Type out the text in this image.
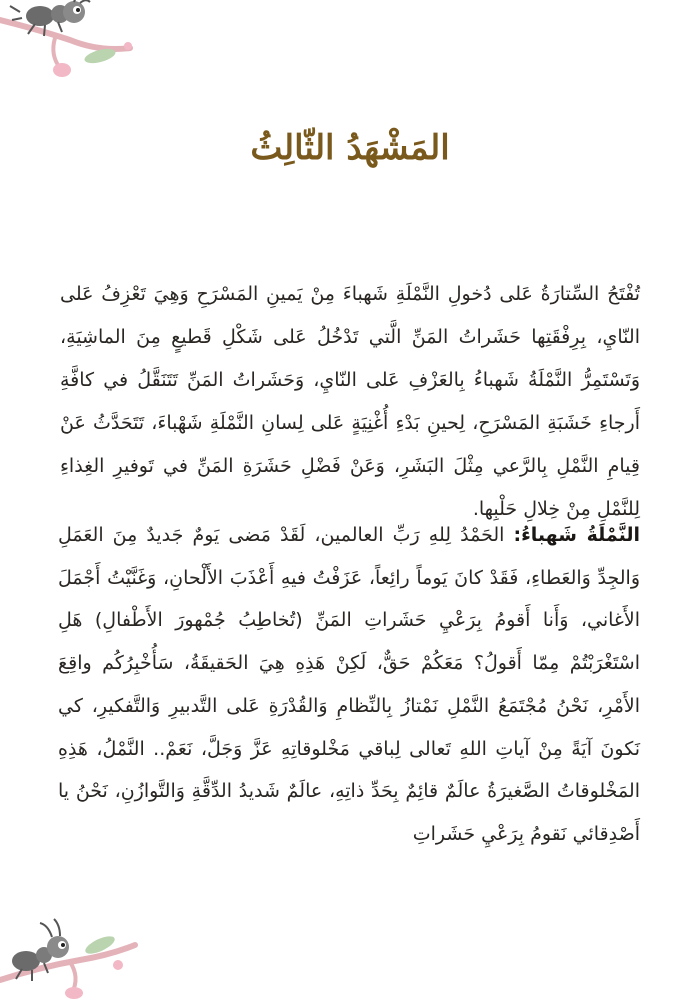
المَشْهَدُ الثّالِثُ

تُفْتَحُ السِّتارَةُ عَلى دُخولِ النَّمْلَةِ شَهباءَ مِنْ يَمينِ المَسْرَحِ وَهِيَ تَعْزِفُ عَلى النّايِ، بِرِفْقَتِها حَشَراتُ المَنِّ الَّتي تَدْخُلُ عَلى شَكْلِ قَطيعٍ مِنَ الماشِيَةِ، وَتَسْتَمِرُّ النَّمْلَةُ شَهباءُ بِالعَزْفِ عَلى النّايِ، وَحَشَراتُ المَنِّ تَتَنَقَّلُ في كافَّةِ أَرجاءِ خَشَبَةِ المَسْرَحِ، لِحينِ بَدْءِ أُغْنِيَةٍ عَلى لِسانِ النَّمْلَةِ شَهْباءَ، تَتَحَدَّثُ عَنْ قِيامِ النَّمْلِ بِالرَّعي مِثْلَ البَشَرِ، وَعَنْ فَضْلِ حَشَرَةِ المَنِّ في تَوفيرِ الغِذاءِ لِلنَّمْلِ مِنْ خِلالِ حَلْبِها.

النَّمْلَةُ شَهباءُ: الحَمْدُ لِلهِ رَبِّ العالمين، لَقَدْ مَضى يَومٌ جَديدٌ مِنَ العَمَلِ وَالجِدِّ وَالعَطاءِ، فَقَدْ كانَ يَوماً رائِعاً، عَزَفْتُ فيهِ أَعْذَبَ الأَلْحانِ، وَغَنَّيْتُ أَجْمَلَ الأَغاني، وَأَنا أَقومُ بِرَعْيِ حَشَراتِ المَنِّ (تُخاطِبُ جُمْهورَ الأَطْفالِ) هَلِ اسْتَغْرَبْتُمْ مِمّا أَقولُ؟ مَعَكُمْ حَقٌّ، لَكِنْ هَذِهِ هِيَ الحَقيقَةُ، سَأُخْبِرُكُم واقِعَ الأَمْرِ، نَحْنُ مُجْتَمَعُ النَّمْلِ نَمْتازُ بِالنِّظامِ وَالقُدْرَةِ عَلى التَّدبيرِ وَالتَّفكيرِ، كي نَكونَ آيَةً مِنْ آياتِ اللهِ تَعالى لِباقي مَخْلوقاتِهِ عَزَّ وَجَلَّ، نَعَمْ.. النَّمْلُ، هَذِهِ المَخْلوقاتُ الصَّغيرَةُ عالَمٌ قائِمٌ بِحَدِّ ذاتِهِ، عالَمٌ شَديدُ الدِّقَّةِ وَالتَّوازُنِ، نَحْنُ يا أَصْدِقائي نَقومُ بِرَعْيِ حَشَراتِ
